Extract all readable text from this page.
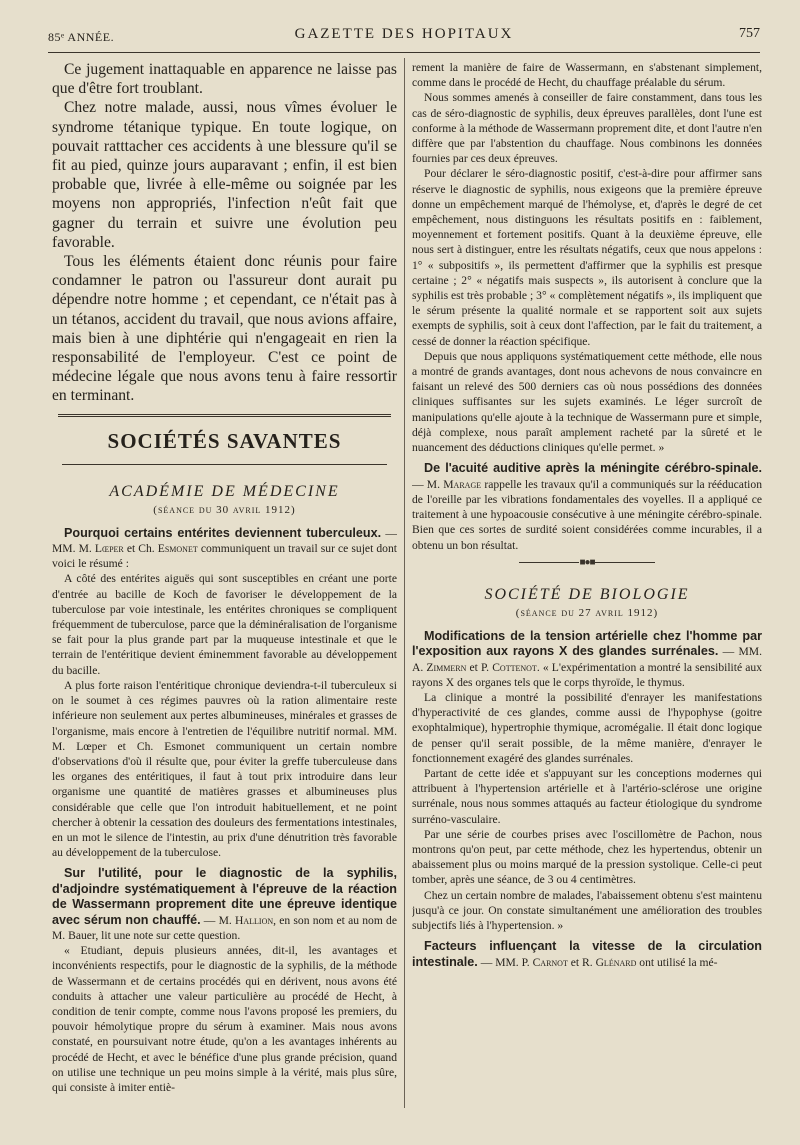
85ᵉ ANNÉE.	GAZETTE DES HOPITAUX	757

Ce jugement inattaquable en apparence ne laisse pas que d'être fort troublant.

Chez notre malade, aussi, nous vîmes évoluer le syndrome tétanique typique. En toute logique, on pouvait ratttacher ces accidents à une blessure qu'il se fit au pied, quinze jours auparavant ; enfin, il est bien probable que, livrée à elle-même ou soignée par les moyens non appropriés, l'infection n'eût fait que gagner du terrain et suivre une évolution peu favorable.

Tous les éléments étaient donc réunis pour faire condamner le patron ou l'assureur dont aurait pu dépendre notre homme ; et cependant, ce n'était pas à un tétanos, accident du travail, que nous avions affaire, mais bien à une diphtérie qui n'engageait en rien la responsabilité de l'employeur. C'est ce point de médecine légale que nous avons tenu à faire ressortir en terminant.

SOCIÉTÉS SAVANTES
ACADÉMIE DE MÉDECINE
(séance du 30 avril 1912)

Pourquoi certains entérites deviennent tuberculeux. — MM. M. Lœper et Ch. Esmonet communiquent un travail sur ce sujet dont voici le résumé :

A côté des entérites aiguës qui sont susceptibles en créant une porte d'entrée au bacille de Koch de favoriser le développement de la tuberculose par voie intestinale, les entérites chroniques se compliquent fréquemment de tuberculose, parce que la déminéralisation de l'organisme se fait pour la plus grande part par la muqueuse intestinale et que le terrain de l'entéritique devient éminemment favorable au développement du bacille.

A plus forte raison l'entéritique chronique deviendra-t-il tuberculeux si on le soumet à ces régimes pauvres où la ration alimentaire reste inférieure non seulement aux pertes albumineuses, minérales et grasses de l'organisme, mais encore à l'entretien de l'équilibre nutritif normal. MM. M. Lœper et Ch. Esmonet communiquent un certain nombre d'observations d'où il résulte que, pour éviter la greffe tuberculeuse dans les organes des entéritiques, il faut à tout prix introduire dans leur organisme une quantité de matières grasses et albumineuses plus considérable que celle que l'on introduit habituellement, et ne point chercher à obtenir la cessation des douleurs des fermentations intestinales, en un mot le silence de l'intestin, au prix d'une dénutrition très favorable au développement de la tuberculose.

Sur l'utilité, pour le diagnostic de la syphilis, d'adjoindre systématiquement à l'épreuve de la réaction de Wassermann proprement dite une épreuve identique avec sérum non chauffé. — M. Hallion, en son nom et au nom de M. Bauer, lit une note sur cette question.

« Etudiant, depuis plusieurs années, dit-il, les avantages et inconvénients respectifs, pour le diagnostic de la syphilis, de la méthode de Wassermann et de certains procédés qui en dérivent, nous avons été conduits à attacher une valeur particulière au procédé de Hecht, à condition de tenir compte, comme nous l'avons proposé les premiers, du pouvoir hémolytique propre du sérum à examiner. Mais nous avons constaté, en poursuivant notre étude, qu'on a les avantages inhérents au procédé de Hecht, et avec le bénéfice d'une plus grande précision, quand on utilise une technique un peu moins simple à la vérité, mais plus sûre, qui consiste à imiter entiè-

rement la manière de faire de Wassermann, en s'abstenant simplement, comme dans le procédé de Hecht, du chauffage préalable du sérum.

Nous sommes amenés à conseiller de faire constamment, dans tous les cas de séro-diagnostic de syphilis, deux épreuves parallèles, dont l'une est conforme à la méthode de Wassermann proprement dite, et dont l'autre n'en diffère que par l'abstention du chauffage. Nous combinons les données fournies par ces deux épreuves.

Pour déclarer le séro-diagnostic positif, c'est-à-dire pour affirmer sans réserve le diagnostic de syphilis, nous exigeons que la première épreuve donne un empêchement marqué de l'hémolyse, et, d'après le degré de cet empêchement, nous distinguons les résultats positifs en : faiblement, moyennement et fortement positifs. Quant à la deuxième épreuve, elle nous sert à distinguer, entre les résultats négatifs, ceux que nous appelons : 1° « subpositifs », ils permettent d'affirmer que la syphilis est presque certaine ; 2° « négatifs mais suspects », ils autorisent à conclure que la syphilis est très probable ; 3° « complètement négatifs », ils impliquent que le sérum présente la qualité normale et se rapportent soit aux sujets exempts de syphilis, soit à ceux dont l'affection, par le fait du traitement, a cessé de donner la réaction spécifique.

Depuis que nous appliquons systématiquement cette méthode, elle nous a montré de grands avantages, dont nous achevons de nous convaincre en faisant un relevé des 500 derniers cas où nous possédions des données cliniques suffisantes sur les sujets examinés. Le léger surcroît de manipulations qu'elle ajoute à la technique de Wassermann pure et simple, déjà complexe, nous paraît amplement racheté par la sûreté et le nuancement des déductions cliniques qu'elle permet. »

De l'acuité auditive après la méningite cérébro-spinale. — M. Marage rappelle les travaux qu'il a communiqués sur la rééducation de l'oreille par les vibrations fondamentales des voyelles. Il a appliqué ce traitement à une hypoacousie consécutive à une méningite cérébro-spinale. Bien que ces sortes de surdité soient considérées comme incurables, il a obtenu un bon résultat.

■●■
SOCIÉTÉ DE BIOLOGIE
(séance du 27 avril 1912)

Modifications de la tension artérielle chez l'homme par l'exposition aux rayons X des glandes surrénales. — MM. A. Zimmern et P. Cottenot. « L'expérimentation a montré la sensibilité aux rayons X des organes tels que le corps thyroïde, le thymus.

La clinique a montré la possibilité d'enrayer les manifestations d'hyperactivité de ces glandes, comme aussi de l'hypophyse (goitre exophtalmique), hypertrophie thymique, acromégalie. Il était donc logique de penser qu'il serait possible, de la même manière, d'enrayer le fonctionnement exagéré des glandes surrénales.

Partant de cette idée et s'appuyant sur les conceptions modernes qui attribuent à l'hypertension artérielle et à l'artério-sclérose une origine surrénale, nous nous sommes attaqués au facteur étiologique du syndrome surréno-vasculaire.

Par une série de courbes prises avec l'oscillomètre de Pachon, nous montrons qu'on peut, par cette méthode, chez les hypertendus, obtenir un abaissement plus ou moins marqué de la pression systolique. Celle-ci peut tomber, après une séance, de 3 ou 4 centimètres.

Chez un certain nombre de malades, l'abaissement obtenu s'est maintenu jusqu'à ce jour. On constate simultanément une amélioration des troubles subjectifs liés à l'hypertension. »

Facteurs influençant la vitesse de la circulation intestinale. — MM. P. Carnot et R. Glénard ont utilisé la mé-
